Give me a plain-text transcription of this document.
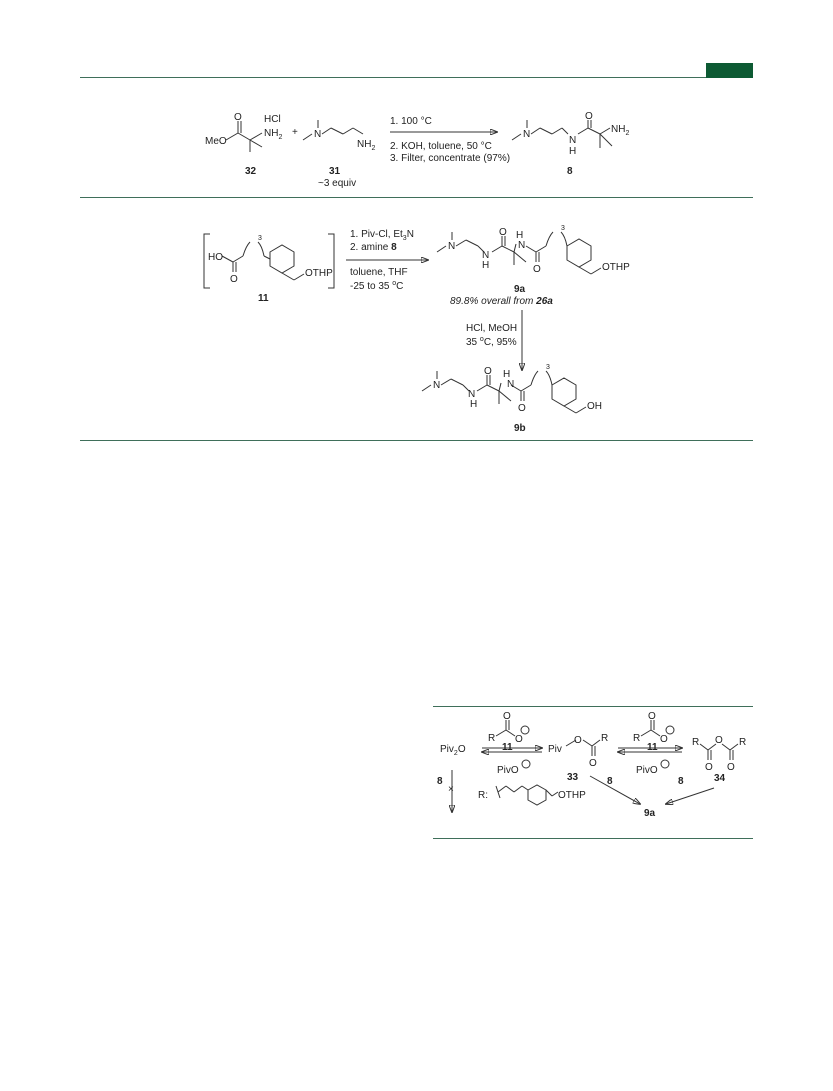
O HCl
MeO
$NH_2$
32
+ N
$NH_2$
31
~3 equiv
1. 100 °C
2. KOH, toluene, 50 °C
3. Filter, concentrate (97%)
N
N
H
O
$NH_2$
8
HO
O
3
OTHP
11
1. Piv-Cl, $Et_3N$
2. amine 8
toluene, THF
-25 to 35 $^o$C
N
N
H
O H
N
O
3
OTHP
9a
89.8% overall from 26a
HCl, MeOH
35 $^o$C, 95%
N
N
H
O H
N
O
3
OH
9b
Piv$_2$O
R
O
O
11
PivO
Piv
O R
O
33
R
O
O
11
PivO
R O R
O O
34
8
×
8	8
9a
R:	OTHP
